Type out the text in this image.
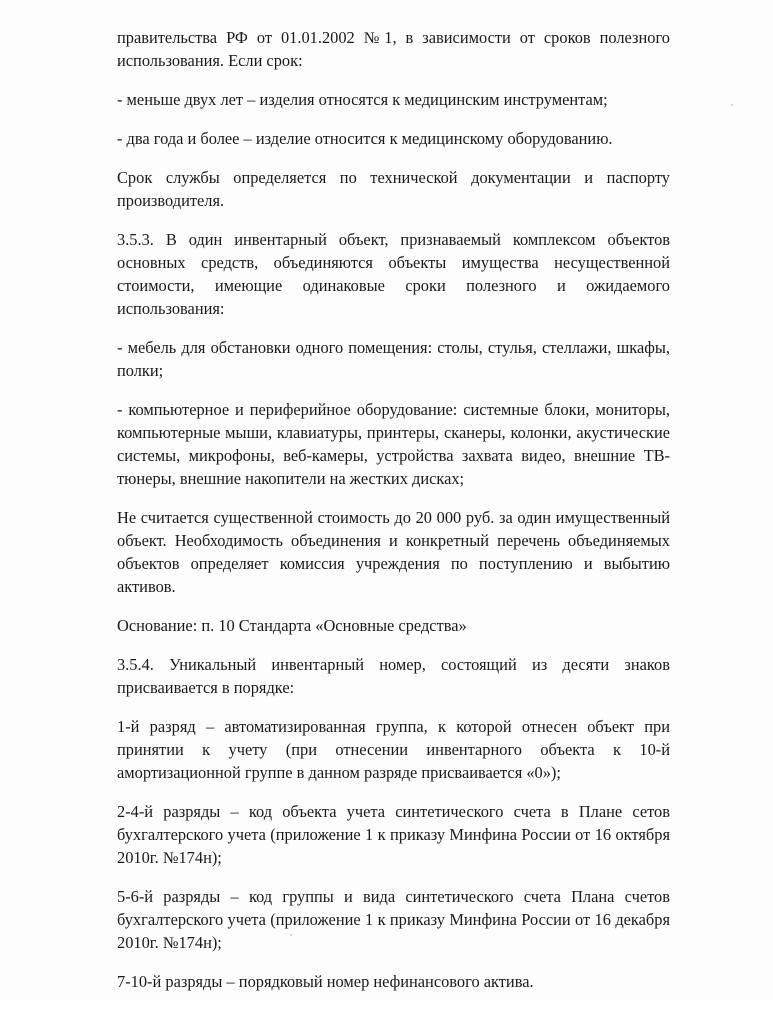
правительства РФ от 01.01.2002 №1, в зависимости от сроков полезного использования. Если срок:

- меньше двух лет – изделия относятся к медицинским инструментам;

- два года и более – изделие относится к медицинскому оборудованию.

Срок службы определяется по технической документации и паспорту производителя.

3.5.3. В один инвентарный объект, признаваемый комплексом объектов основных средств, объединяются объекты имущества несущественной стоимости, имеющие одинаковые сроки полезного и ожидаемого использования:

- мебель для обстановки одного помещения: столы, стулья, стеллажи, шкафы, полки;

- компьютерное и периферийное оборудование: системные блоки, мониторы, компьютерные мыши, клавиатуры, принтеры, сканеры, колонки, акустические системы, микрофоны, веб-камеры, устройства захвата видео, внешние ТВ-тюнеры, внешние накопители на жестких дисках;

Не считается существенной стоимость до 20 000 руб. за один имущественный объект. Необходимость объединения и конкретный перечень объединяемых объектов определяет комиссия учреждения по поступлению и выбытию активов.

Основание: п. 10 Стандарта «Основные средства»

3.5.4. Уникальный инвентарный номер, состоящий из десяти знаков присваивается в порядке:

1-й разряд – автоматизированная группа, к которой отнесен объект при принятии к учету (при отнесении инвентарного объекта к 10-й амортизационной группе в данном разряде присваивается «0»);

2-4-й разряды – код объекта учета синтетического счета в Плане сетов бухгалтерского учета (приложение 1 к приказу Минфина России от 16 октября 2010г. №174н);

5-6-й разряды – код группы и вида синтетического счета Плана счетов бухгалтерского учета (приложение 1 к приказу Минфина России от 16 декабря 2010г. №174н);

7-10-й разряды – порядковый номер нефинансового актива.
